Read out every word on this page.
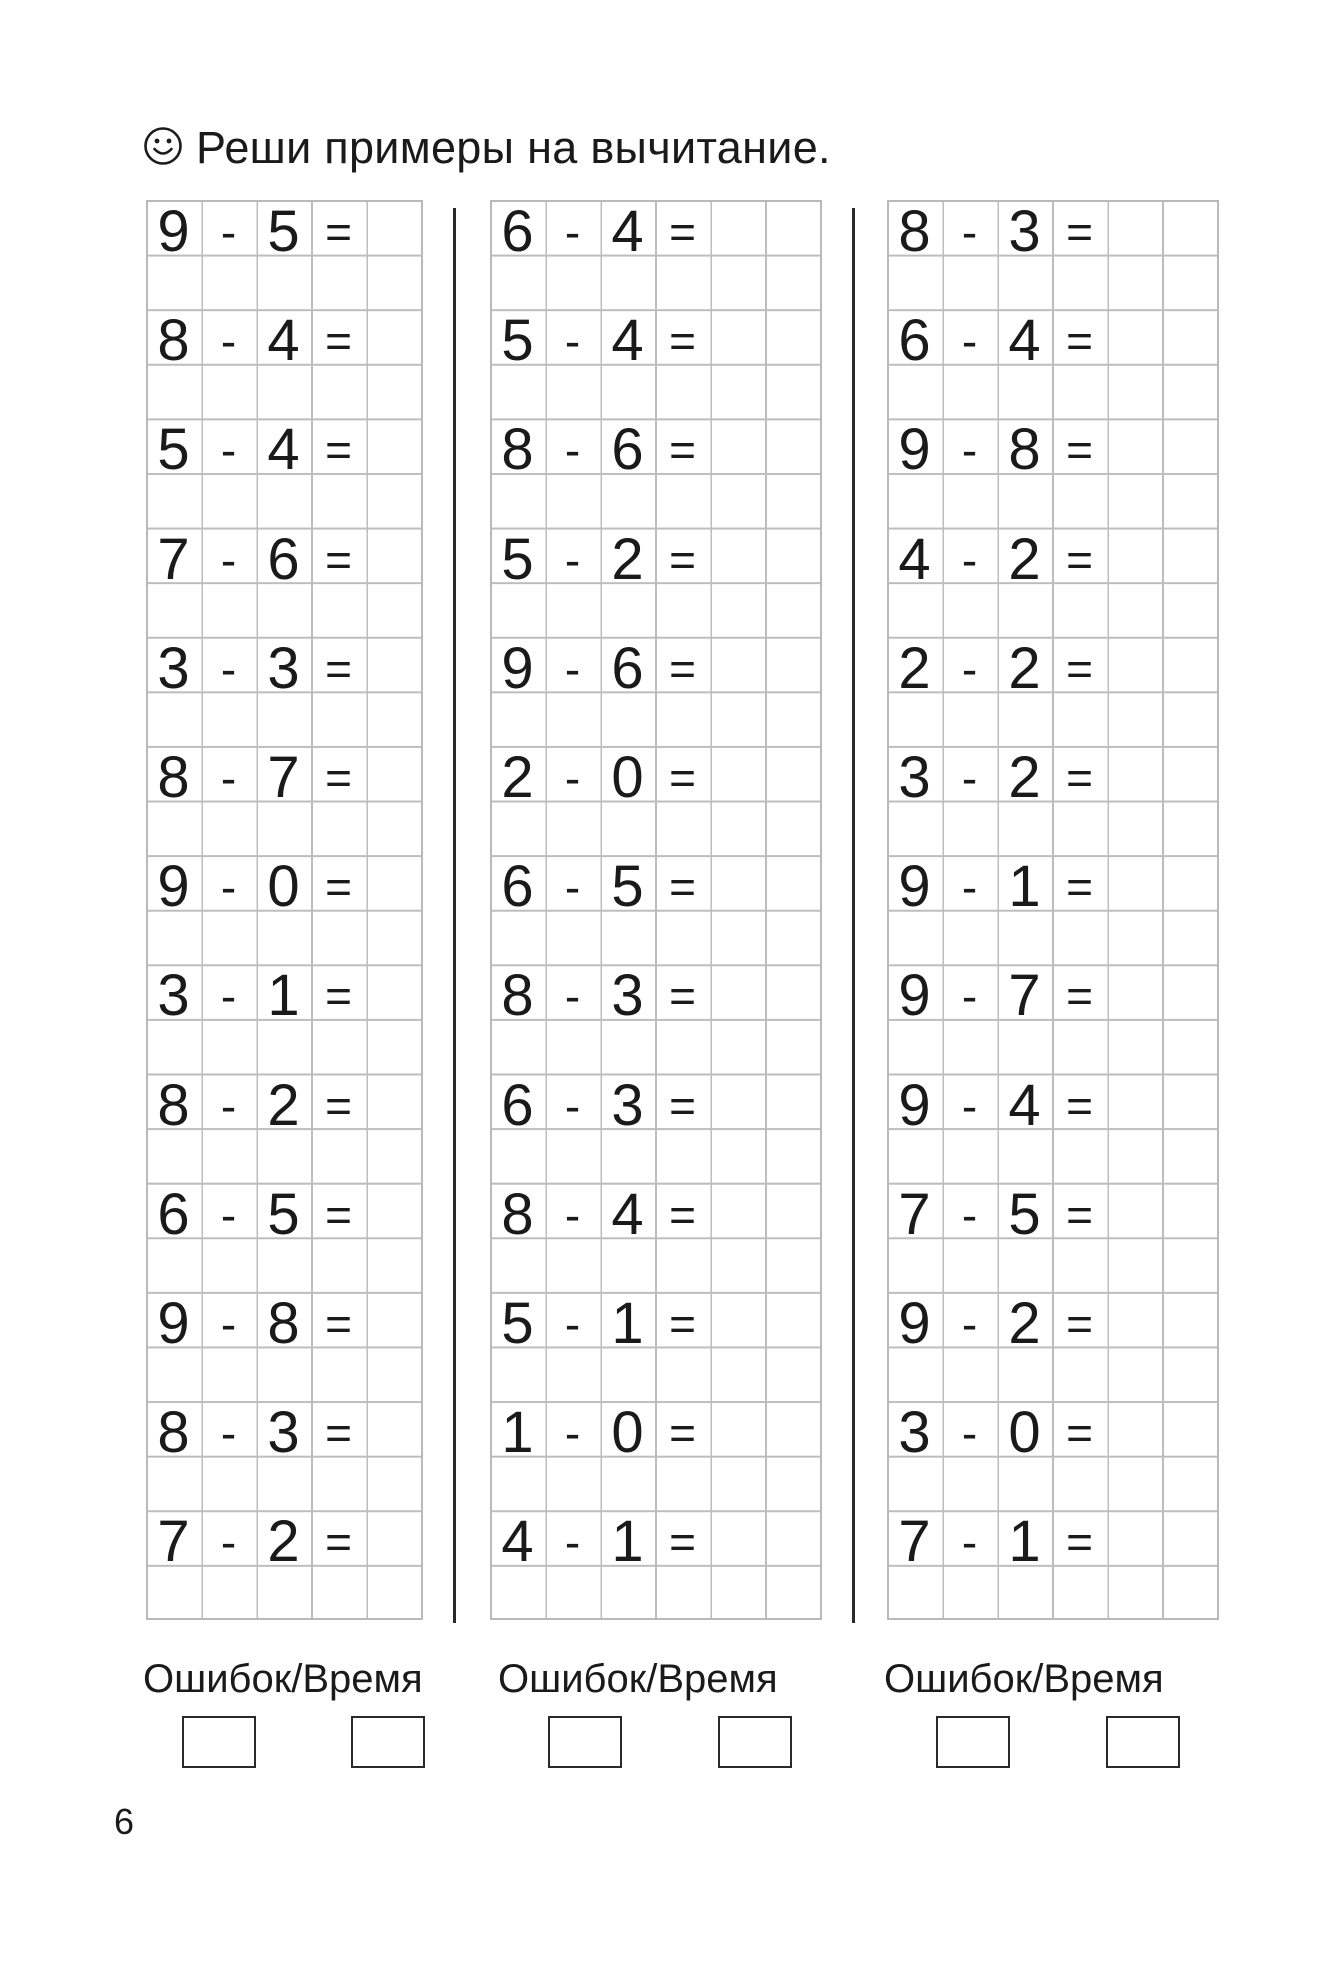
Реши примеры на вычитание.
9 - 5 =
8 - 4 =
5 - 4 =
7 - 6 =
3 - 3 =
8 - 7 =
9 - 0 =
3 - 1 =
8 - 2 =
6 - 5 =
9 - 8 =
8 - 3 =
7 - 2 =
6 - 4 =
5 - 4 =
8 - 6 =
5 - 2 =
9 - 6 =
2 - 0 =
6 - 5 =
8 - 3 =
6 - 3 =
8 - 4 =
5 - 1 =
1 - 0 =
4 - 1 =
8 - 3 =
6 - 4 =
9 - 8 =
4 - 2 =
2 - 2 =
3 - 2 =
9 - 1 =
9 - 7 =
9 - 4 =
7 - 5 =
9 - 2 =
3 - 0 =
7 - 1 =
Ошибок/Время Ошибок/Время	Ошибок/Время
6
